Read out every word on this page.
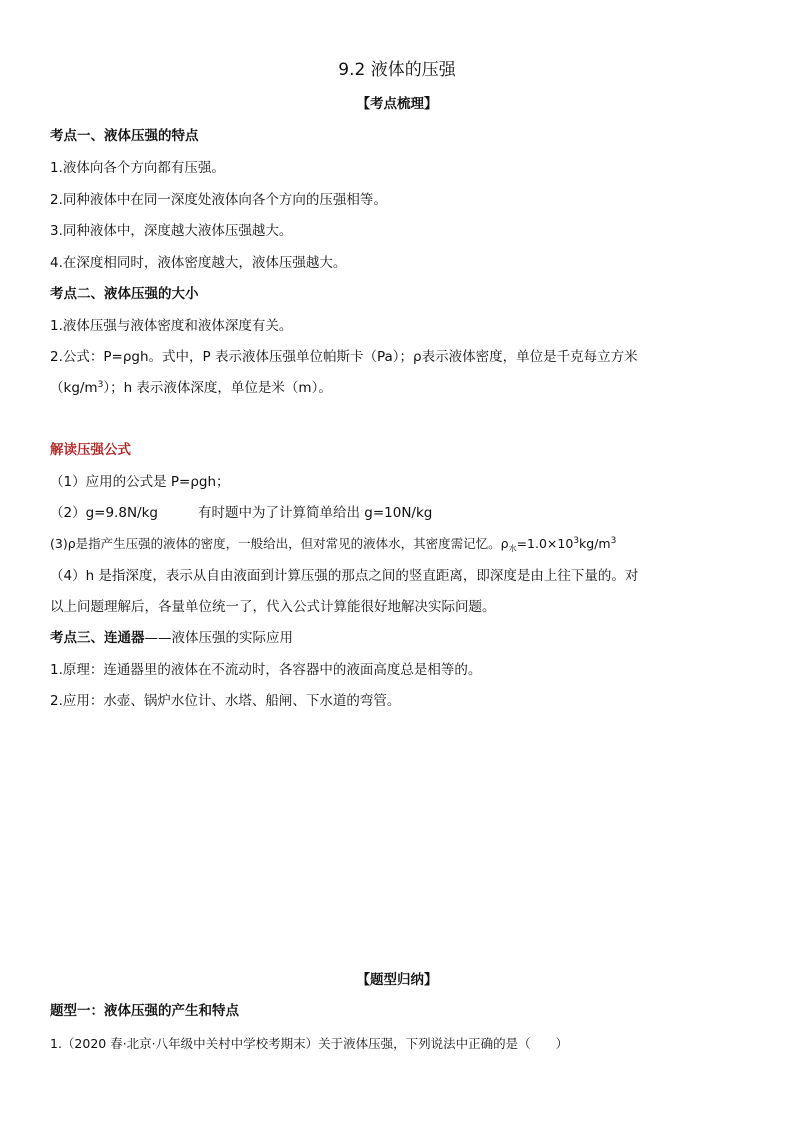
9.2 液体的压强
【考点梳理】
考点一、液体压强的特点
1.液体向各个方向都有压强。
2.同种液体中在同一深度处液体向各个方向的压强相等。
3.同种液体中，深度越大液体压强越大。
4.在深度相同时，液体密度越大，液体压强越大。
考点二、液体压强的大小
1.液体压强与液体密度和液体深度有关。
2.公式：P=ρgh。式中，P 表示液体压强单位帕斯卡（Pa）；ρ表示液体密度，单位是千克每立方米
$(kg/m^3)$；h 表示液体深度，单位是米（m）。
解读压强公式
（1）应用的公式是 P=ρgh；
（2）g=9.8N/kg	有时题中为了计算简单给出 g=10N/kg
(3)ρ是指产生压强的液体的密度，一般给出，但对常见的液体水，其密度需记忆。$\rho_水=1.0\times 10^3kg/m^3$
（4）h 是指深度，表示从自由液面到计算压强的那点之间的竖直距离，即深度是由上往下量的。对
以上问题理解后，各量单位统一了，代入公式计算能很好地解决实际问题。
考点三、连通器——液体压强的实际应用
1.原理：连通器里的液体在不流动时，各容器中的液面高度总是相等的。
2.应用：水壶、锅炉水位计、水塔、船闸、下水道的弯管。
【题型归纳】
题型一：液体压强的产生和特点
1.（2020 春·北京·八年级中关村中学校考期末）关于液体压强，下列说法中正确的是（　　）
